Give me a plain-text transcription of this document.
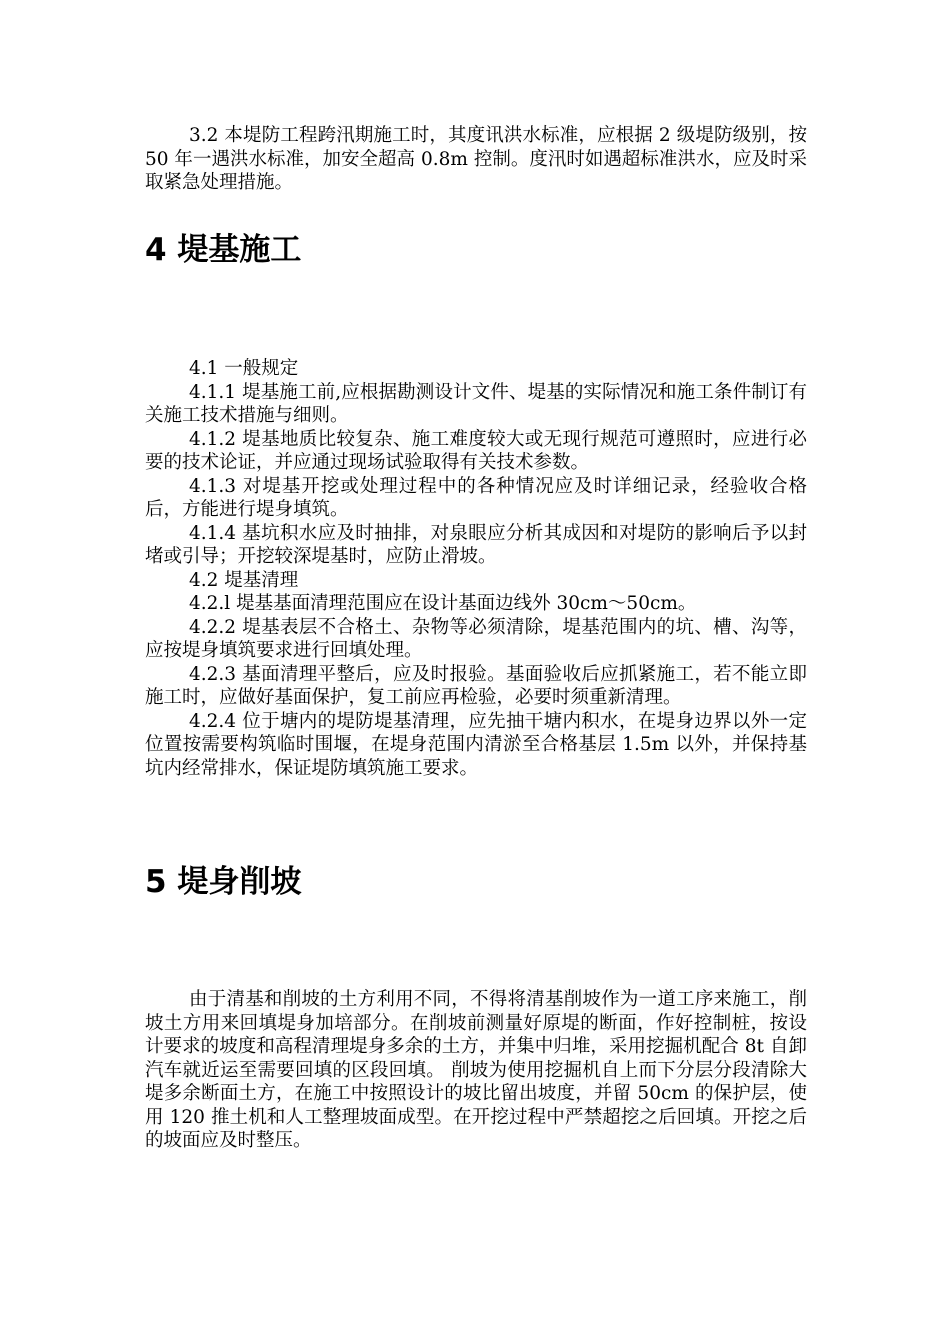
3.2 本堤防工程跨汛期施工时，其度讯洪水标准，应根据 2 级堤防级别，按 50 年一遇洪水标准，加安全超高 0.8m 控制。度汛时如遇超标准洪水，应及时采取紧急处理措施。

4 堤基施工

4.1 一般规定

4.1.1 堤基施工前,应根据勘测设计文件、堤基的实际情况和施工条件制订有关施工技术措施与细则。

4.1.2 堤基地质比较复杂、施工难度较大或无现行规范可遵照时，应进行必要的技术论证，并应通过现场试验取得有关技术参数。

4.1.3 对堤基开挖或处理过程中的各种情况应及时详细记录，经验收合格后，方能进行堤身填筑。

4.1.4 基坑积水应及时抽排，对泉眼应分析其成因和对堤防的影响后予以封堵或引导；开挖较深堤基时，应防止滑坡。

4.2 堤基清理

4.2.l 堤基基面清理范围应在设计基面边线外 30cm～50cm。

4.2.2 堤基表层不合格土、杂物等必须清除，堤基范围内的坑、槽、沟等，应按堤身填筑要求进行回填处理。

4.2.3 基面清理平整后，应及时报验。基面验收后应抓紧施工，若不能立即施工时，应做好基面保护，复工前应再检验，必要时须重新清理。

4.2.4 位于塘内的堤防堤基清理，应先抽干塘内积水，在堤身边界以外一定位置按需要构筑临时围堰，在堤身范围内清淤至合格基层 1.5m 以外，并保持基坑内经常排水，保证堤防填筑施工要求。

5 堤身削坡

由于清基和削坡的土方利用不同，不得将清基削坡作为一道工序来施工，削坡土方用来回填堤身加培部分。在削坡前测量好原堤的断面，作好控制桩，按设计要求的坡度和高程清理堤身多余的土方，并集中归堆，采用挖掘机配合 8t 自卸汽车就近运至需要回填的区段回填。 削坡为使用挖掘机自上而下分层分段清除大堤多余断面土方，在施工中按照设计的坡比留出坡度，并留 50cm 的保护层，使用 120 推土机和人工整理坡面成型。在开挖过程中严禁超挖之后回填。开挖之后的坡面应及时整压。
